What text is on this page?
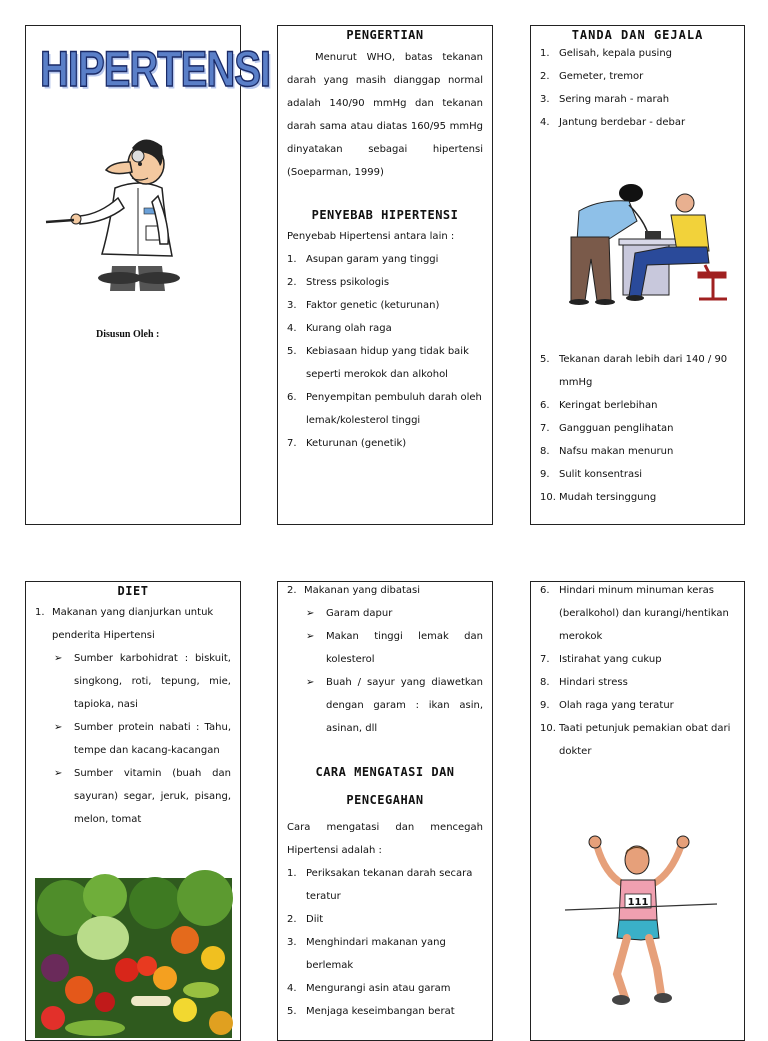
HIPERTENSI
Disusun Oleh :
PENGERTIAN
Menurut WHO, batas tekanan darah yang masih dianggap normal adalah 140/90 mmHg dan tekanan darah sama atau diatas 160/95 mmHg dinyatakan sebagai hipertensi (Soeparman, 1999)
PENYEBAB HIPERTENSI
Penyebab Hipertensi antara lain :
1. Asupan garam yang tinggi
2. Stress psikologis
3. Faktor genetic (keturunan)
4. Kurang olah raga
5. Kebiasaan hidup yang tidak baik seperti merokok dan alkohol
6. Penyempitan pembuluh darah oleh lemak/kolesterol tinggi
7. Keturunan (genetik)
TANDA DAN GEJALA
1. Gelisah, kepala pusing
2. Gemeter, tremor
3. Sering marah - marah
4. Jantung berdebar - debar
5. Tekanan darah lebih dari 140 / 90 mmHg
6. Keringat berlebihan
7. Gangguan penglihatan
8. Nafsu makan menurun
9. Sulit konsentrasi
10. Mudah tersinggung
DIET
1. Makanan yang dianjurkan untuk penderita Hipertensi
➢ Sumber karbohidrat : biskuit, singkong, roti, tepung, mie, tapioka, nasi
➢ Sumber protein nabati : Tahu, tempe dan kacang-kacangan
➢ Sumber vitamin (buah dan sayuran) segar, jeruk, pisang, melon, tomat
2. Makanan yang dibatasi
➢ Garam dapur
➢ Makan tinggi lemak dan kolesterol
➢ Buah / sayur yang diawetkan dengan garam : ikan asin, asinan, dll
CARA MENGATASI DAN
PENCEGAHAN
Cara mengatasi dan mencegah Hipertensi adalah :
1. Periksakan tekanan darah secara teratur
2. Diit
3. Menghindari makanan yang berlemak
4. Mengurangi asin atau garam
5. Menjaga keseimbangan berat
6. Hindari minum minuman keras (beralkohol) dan kurangi/hentikan merokok
7. Istirahat yang cukup
8. Hindari stress
9. Olah raga yang teratur
10. Taati petunjuk pemakian obat dari dokter
111
